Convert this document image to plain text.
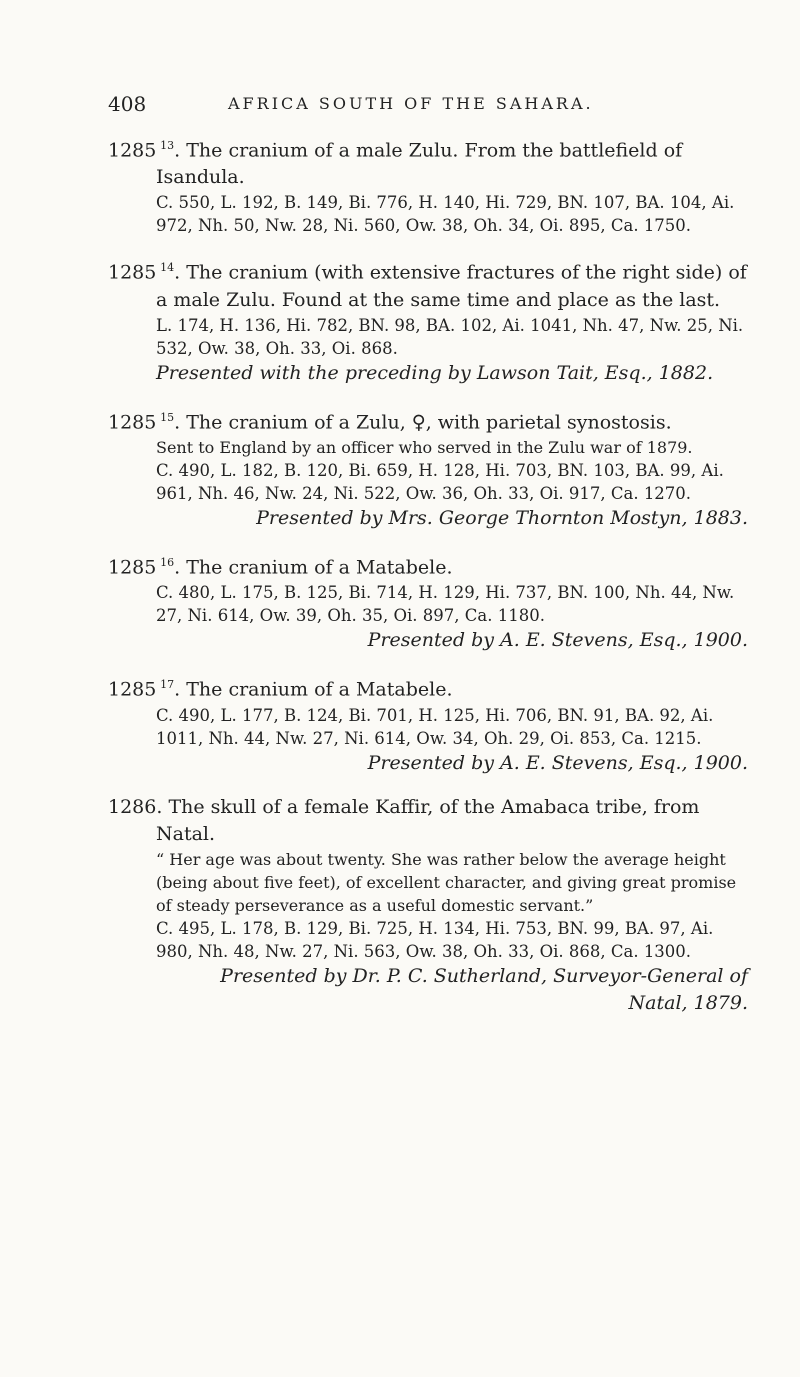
408	AFRICA SOUTH OF THE SAHARA.
1285  $^{13}$. The cranium of a male Zulu. From the battlefield of Isandula.
C. 550, L. 192, B. 149, Bi. 776, H. 140, Hi. 729, BN. 107, BA. 104, Ai. 972, Nh. 50, Nw. 28, Ni. 560, Ow. 38, Oh. 34, Oi. 895, Ca. 1750.
1285  $^{14}$. The cranium (with extensive fractures of the right side) of a male Zulu. Found at the same time and place as the last.
L. 174, H. 136, Hi. 782, BN. 98, BA. 102, Ai. 1041, Nh. 47, Nw. 25, Ni. 532, Ow. 38, Oh. 33, Oi. 868.
Presented with the preceding by Lawson Tait, Esq., 1882.
1285  $^{15}$. The cranium of a Zulu, ♀, with parietal synostosis.
Sent to England by an officer who served in the Zulu war of 1879.
C. 490, L. 182, B. 120, Bi. 659, H. 128, Hi. 703, BN. 103, BA. 99, Ai. 961, Nh. 46, Nw. 24, Ni. 522, Ow. 36, Oh. 33, Oi. 917, Ca. 1270.
Presented by Mrs. George Thornton Mostyn, 1883.
1285  $^{16}$. The cranium of a Matabele.
C. 480, L. 175, B. 125, Bi. 714, H. 129, Hi. 737, BN. 100, Nh. 44, Nw. 27, Ni. 614, Ow. 39, Oh. 35, Oi. 897, Ca. 1180.
Presented by A. E. Stevens, Esq., 1900.
1285  $^{17}$. The cranium of a Matabele.
C. 490, L. 177, B. 124, Bi. 701, H. 125, Hi. 706, BN. 91, BA. 92, Ai. 1011, Nh. 44, Nw. 27, Ni. 614, Ow. 34, Oh. 29, Oi. 853, Ca. 1215.
Presented by A. E. Stevens, Esq., 1900.
1286. The skull of a female Kaffir, of the Amabaca tribe, from Natal.
“ Her age was about twenty. She was rather below the average height (being about five feet), of excellent character, and giving great promise of steady perseverance as a useful domestic servant.”
C. 495, L. 178, B. 129, Bi. 725, H. 134, Hi. 753, BN. 99, BA. 97, Ai. 980, Nh. 48, Nw. 27, Ni. 563, Ow. 38, Oh. 33, Oi. 868, Ca. 1300.
Presented by Dr. P. C. Sutherland, Surveyor-General of Natal, 1879.
